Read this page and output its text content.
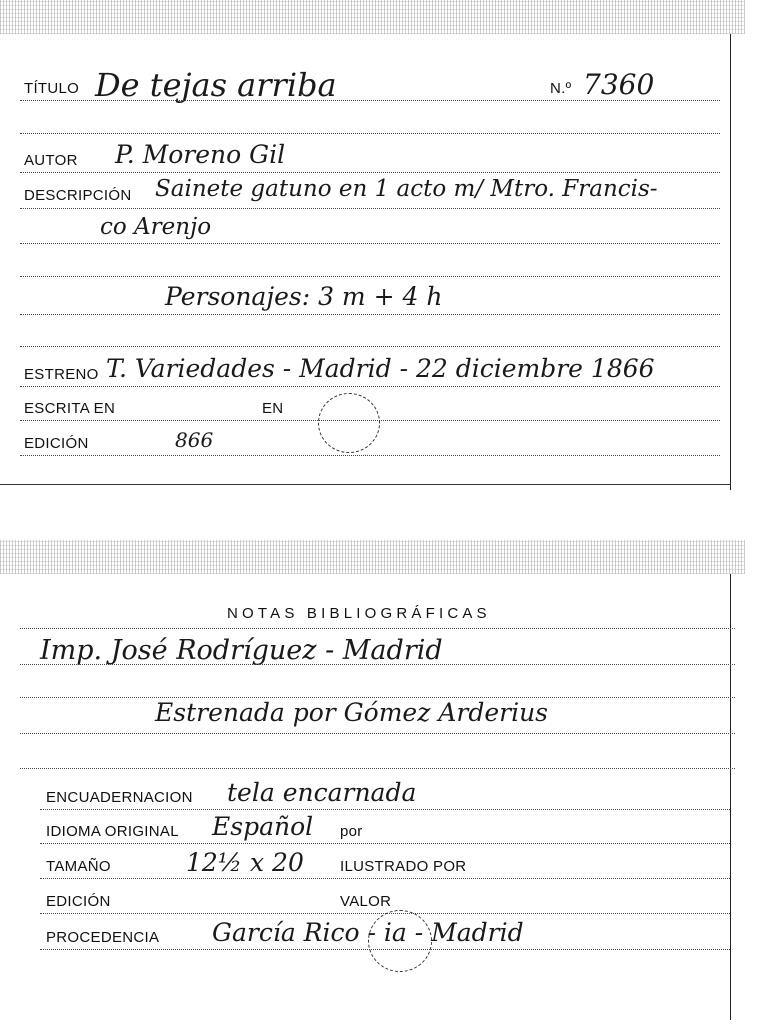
TÍTULO De tejas arriba	N.º 7360
AUTOR P. Moreno Gil
DESCRIPCIÓN Sainete gatuno en 1 acto m/ Mtro. Francis-
co Arenjo
Personajes: 3 m + 4 h
ESTRENO T. Variedades - Madrid - 22 diciembre 1866
ESCRITA EN	EN
EDICIÓN	866
NOTAS BIBLIOGRÁFICAS
Imp. José Rodríguez - Madrid
Estrenada por Gómez Arderius
ENCUADERNACION tela encarnada
IDIOMA ORIGINAL Español por
TAMAÑO	12½ x 20 ILUSTRADO POR
EDICIÓN	VALOR
PROCEDENCIA García Rico - ia - Madrid
